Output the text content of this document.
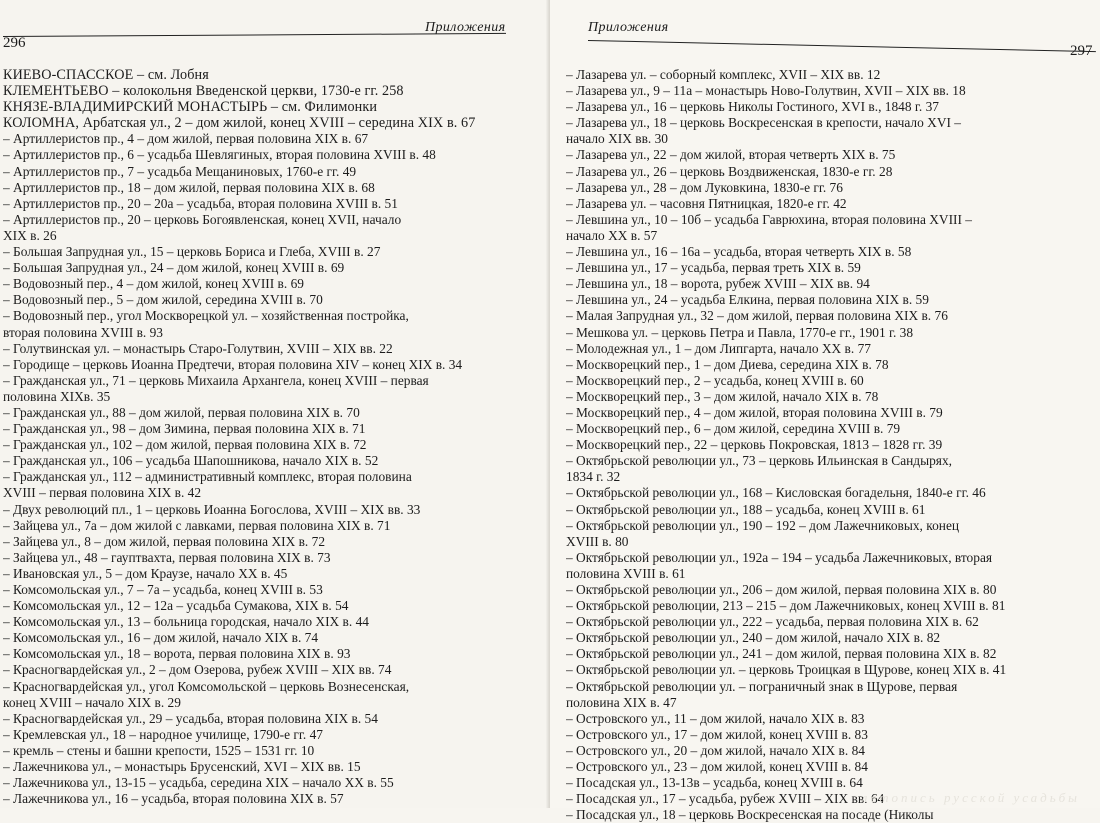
Приложения
296
КИЕВО-СПАССКОЕ – см. Лобня
КЛЕМЕНТЬЕВО – колокольня Введенской церкви, 1730-е гг. 258
КНЯЗЕ-ВЛАДИМИРСКИЙ МОНАСТЫРЬ – см. Филимонки
КОЛОМНА, Арбатская ул., 2 – дом жилой, конец XVIII – середина XIX в. 67
– Артиллеристов пр., 4 – дом жилой, первая половина XIX в. 67
– Артиллеристов пр., 6 – усадьба Шевлягиных, вторая половина XVIII в. 48
– Артиллеристов пр., 7 – усадьба Мещаниновых, 1760-е гг. 49
– Артиллеристов пр., 18 – дом жилой, первая половина XIX в. 68
– Артиллеристов пр., 20 – 20а – усадьба, вторая половина XVIII в. 51
– Артиллеристов пр., 20 – церковь Богоявленская, конец XVII, начало
XIX в. 26
– Большая Запрудная ул., 15 – церковь Бориса и Глеба, XVIII в. 27
– Большая Запрудная ул., 24 – дом жилой, конец XVIII в. 69
– Водовозный пер., 4 – дом жилой, конец XVIII в. 69
– Водовозный пер., 5 – дом жилой, середина XVIII в. 70
– Водовозный пер., угол Москворецкой ул. – хозяйственная постройка,
вторая половина XVIII в. 93
– Голутвинская ул. – монастырь Старо-Голутвин, XVIII – XIX вв. 22
– Городище – церковь Иоанна Предтечи, вторая половина XIV – конец XIX в. 34
– Гражданская ул., 71 – церковь Михаила Архангела, конец XVIII – первая
половина XIXв. 35
– Гражданская ул., 88 – дом жилой, первая половина XIX в. 70
– Гражданская ул., 98 – дом Зимина, первая половина XIX в. 71
– Гражданская ул., 102 – дом жилой, первая половина XIX в. 72
– Гражданская ул., 106 – усадьба Шапошникова, начало XIX в. 52
– Гражданская ул., 112 – административный комплекс, вторая половина
XVIII – первая половина XIX в. 42
– Двух революций пл., 1 – церковь Иоанна Богослова, XVIII – XIX вв. 33
– Зайцева ул., 7а – дом жилой с лавками, первая половина XIX в. 71
– Зайцева ул., 8 – дом жилой, первая половина XIX в. 72
– Зайцева ул., 48 – гауптвахта, первая половина XIX в. 73
– Ивановская ул., 5 – дом Краузе, начало XX в. 45
– Комсомольская ул., 7 – 7а – усадьба, конец XVIII в. 53
– Комсомольская ул., 12 – 12а – усадьба Сумакова, XIX в. 54
– Комсомольская ул., 13 – больница городская, начало XIX в. 44
– Комсомольская ул., 16 – дом жилой, начало XIX в. 74
– Комсомольская ул., 18 – ворота, первая половина XIX в. 93
– Красногвардейская ул., 2 – дом Озерова, рубеж XVIII – XIX вв. 74
– Красногвардейская ул., угол Комсомольской – церковь Вознесенская,
конец XVIII – начало XIX в. 29
– Красногвардейская ул., 29 – усадьба, вторая половина XIX в. 54
– Кремлевская ул., 18 – народное училище, 1790-е гг. 47
– кремль – стены и башни крепости, 1525 – 1531 гг. 10
– Лажечникова ул., – монастырь Брусенский, XVI – XIX вв. 15
– Лажечникова ул., 13-15 – усадьба, середина XIX – начало XX в. 55
– Лажечникова ул., 16 – усадьба, вторая половина XIX в. 57
Приложения
297
– Лазарева ул. – соборный комплекс, XVII – XIX вв. 12
– Лазарева ул., 9 – 11а – монастырь Ново-Голутвин, XVII – XIX вв. 18
– Лазарева ул., 16 – церковь Николы Гостиного, XVI в., 1848 г. 37
– Лазарева ул., 18 – церковь Воскресенская в крепости, начало XVI –
начало XIX вв. 30
– Лазарева ул., 22 – дом жилой, вторая четверть XIX в. 75
– Лазарева ул., 26 – церковь Воздвиженская, 1830-е гг. 28
– Лазарева ул., 28 – дом Луковкина, 1830-е гг. 76
– Лазарева ул. – часовня Пятницкая, 1820-е гг. 42
– Левшина ул., 10 – 10б – усадьба Гаврюхина, вторая половина XVIII –
начало XX в. 57
– Левшина ул., 16 – 16а – усадьба, вторая четверть XIX в. 58
– Левшина ул., 17 – усадьба, первая треть XIX в. 59
– Левшина ул., 18 – ворота, рубеж XVIII – XIX вв. 94
– Левшина ул., 24 – усадьба Елкина, первая половина XIX в. 59
– Малая Запрудная ул., 32 – дом жилой, первая половина XIX в. 76
– Мешкова ул. – церковь Петра и Павла, 1770-е гг., 1901 г. 38
– Молодежная ул., 1 – дом Липгарта, начало XX в. 77
– Москворецкий пер., 1 – дом Диева, середина XIX в. 78
– Москворецкий пер., 2 – усадьба, конец XVIII в. 60
– Москворецкий пер., 3 – дом жилой, начало XIX в. 78
– Москворецкий пер., 4 – дом жилой, вторая половина XVIII в. 79
– Москворецкий пер., 6 – дом жилой, середина XVIII в. 79
– Москворецкий пер., 22 – церковь Покровская, 1813 – 1828 гг. 39
– Октябрьской революции ул., 73 – церковь Ильинская в Сандырях,
1834 г. 32
– Октябрьской революции ул., 168 – Кисловская богадельня, 1840-е гг. 46
– Октябрьской революции ул., 188 – усадьба, конец XVIII в. 61
– Октябрьской революции ул., 190 – 192 – дом Лажечниковых, конец
XVIII в. 80
– Октябрьской революции ул., 192а – 194 – усадьба Лажечниковых, вторая
половина XVIII в. 61
– Октябрьской революции ул., 206 – дом жилой, первая половина XIX в. 80
– Октябрьской революции, 213 – 215 – дом Лажечниковых, конец XVIII в. 81
– Октябрьской революции ул., 222 – усадьба, первая половина XIX в. 62
– Октябрьской революции ул., 240 – дом жилой, начало XIX в. 82
– Октябрьской революции ул., 241 – дом жилой, первая половина XIX в. 82
– Октябрьской революции ул. – церковь Троицкая в Щурове, конец XIX в. 41
– Октябрьской революции ул. – пограничный знак в Щурове, первая
половина XIX в. 47
– Островского ул., 11 – дом жилой, начало XIX в. 83
– Островского ул., 17 – дом жилой, конец XVIII в. 83
– Островского ул., 20 – дом жилой, начало XIX в. 84
– Островского ул., 23 – дом жилой, конец XVIII в. 84
– Посадская ул., 13-13в – усадьба, конец XVIII в. 64
– Посадская ул., 17 – усадьба, рубеж XVIII – XIX вв. 64
– Посадская ул., 18 – церковь Воскресенская на посаде (Николы
летопись русской усадьбы
